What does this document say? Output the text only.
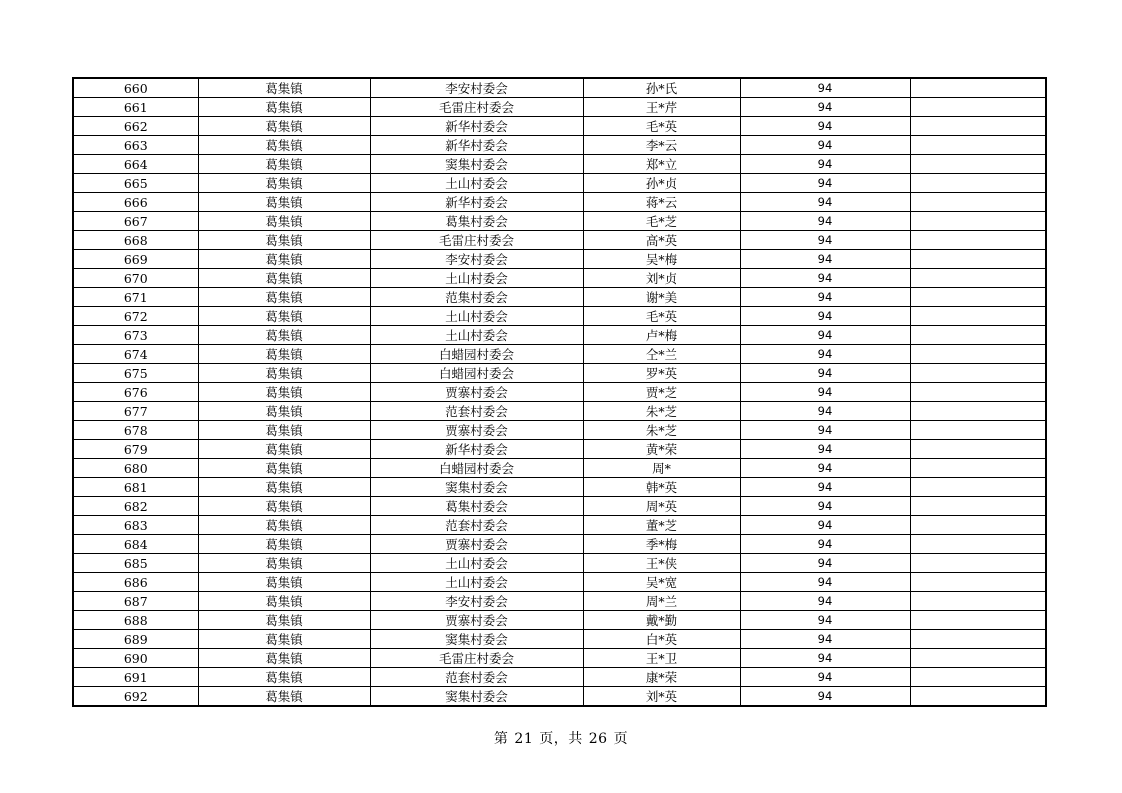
660	葛集镇	李安村委会	孙*氏	94	
661	葛集镇	毛雷庄村委会	王*芹	94	
662	葛集镇	新华村委会	毛*英	94	
663	葛集镇	新华村委会	李*云	94	
664	葛集镇	窦集村委会	郑*立	94	
665	葛集镇	土山村委会	孙*贞	94	
666	葛集镇	新华村委会	蒋*云	94	
667	葛集镇	葛集村委会	毛*芝	94	
668	葛集镇	毛雷庄村委会	高*英	94	
669	葛集镇	李安村委会	吴*梅	94	
670	葛集镇	土山村委会	刘*贞	94	
671	葛集镇	范集村委会	谢*美	94	
672	葛集镇	土山村委会	毛*英	94	
673	葛集镇	土山村委会	卢*梅	94	
674	葛集镇	白蜡园村委会	仝*兰	94	
675	葛集镇	白蜡园村委会	罗*英	94	
676	葛集镇	贾寨村委会	贾*芝	94	
677	葛集镇	范套村委会	朱*芝	94	
678	葛集镇	贾寨村委会	朱*芝	94	
679	葛集镇	新华村委会	黄*荣	94	
680	葛集镇	白蜡园村委会	周*	94	
681	葛集镇	窦集村委会	韩*英	94	
682	葛集镇	葛集村委会	周*英	94	
683	葛集镇	范套村委会	董*芝	94	
684	葛集镇	贾寨村委会	季*梅	94	
685	葛集镇	土山村委会	王*侠	94	
686	葛集镇	土山村委会	吴*宽	94	
687	葛集镇	李安村委会	周*兰	94	
688	葛集镇	贾寨村委会	戴*勤	94	
689	葛集镇	窦集村委会	白*英	94	
690	葛集镇	毛雷庄村委会	王*卫	94	
691	葛集镇	范套村委会	康*荣	94	
692	葛集镇	窦集村委会	刘*英	94	
第 21 页，共 26 页
